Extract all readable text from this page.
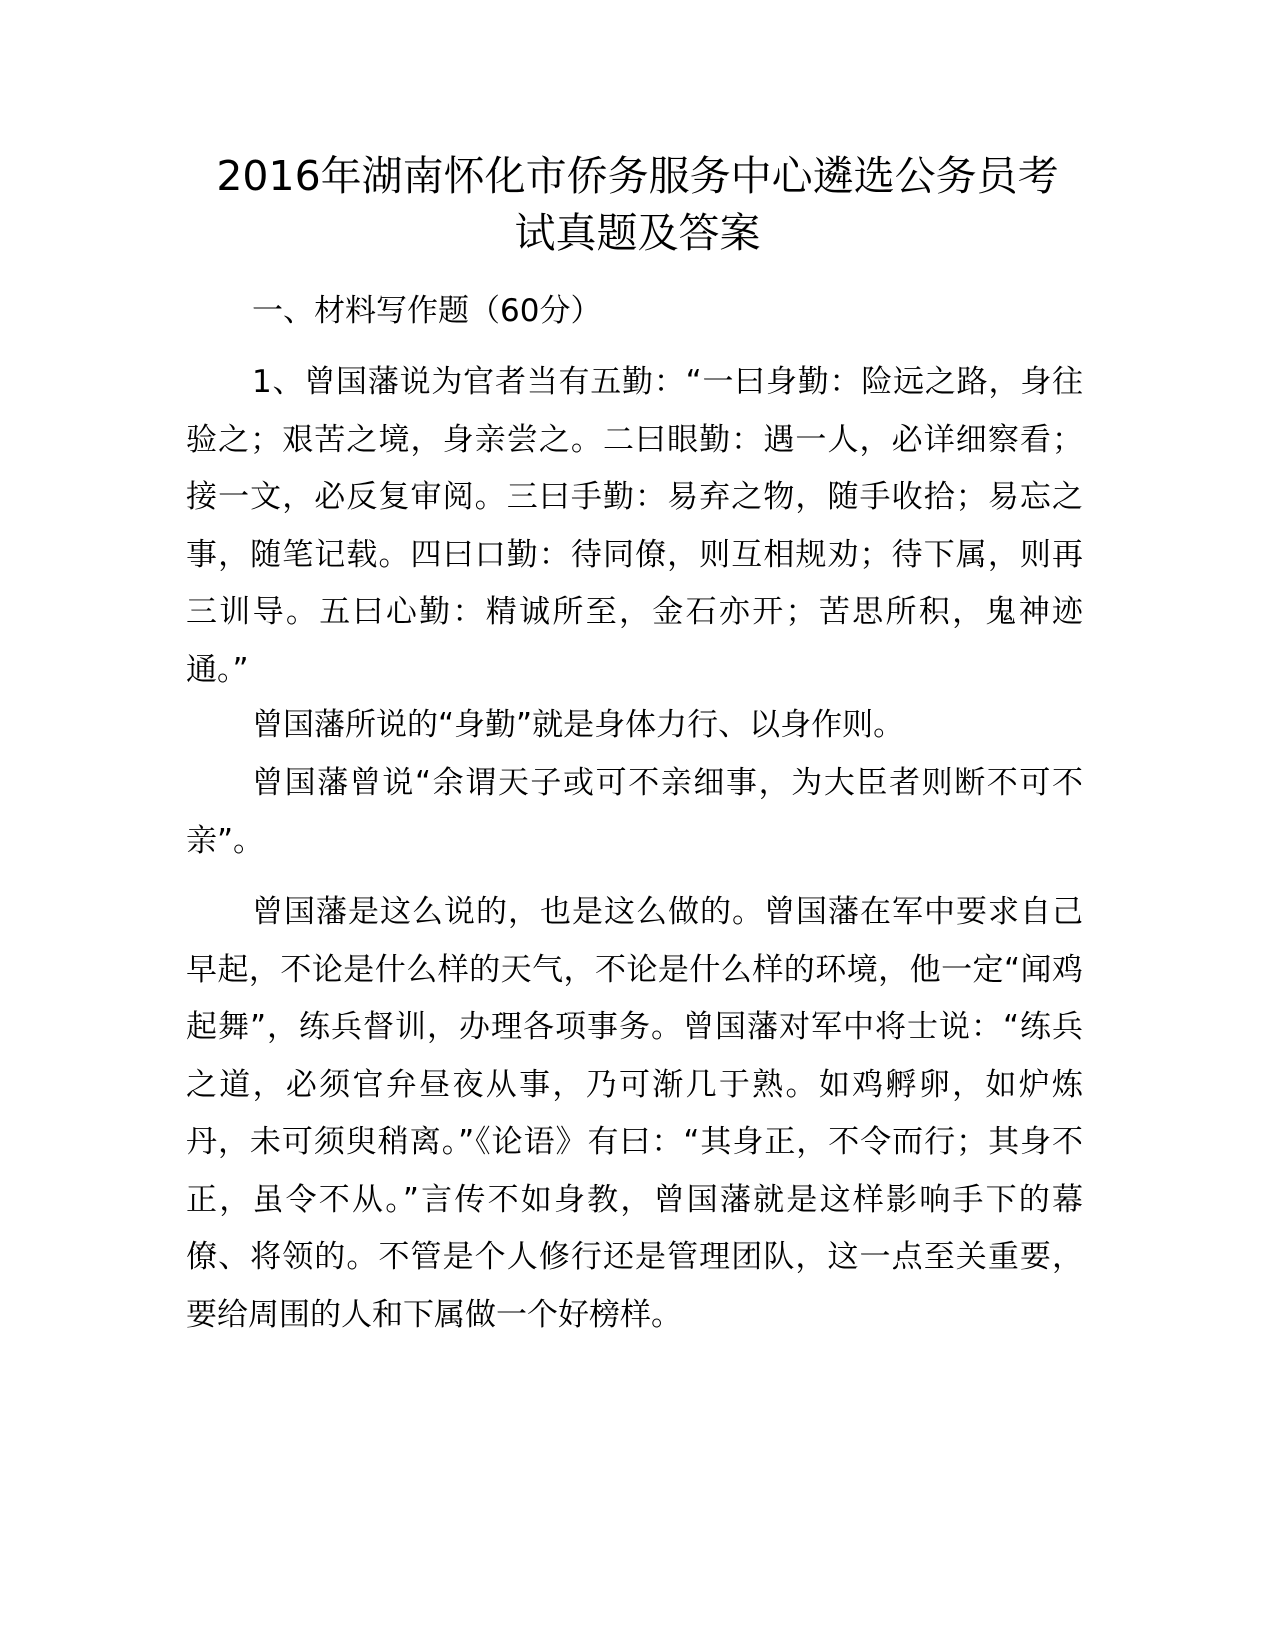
2016年湖南怀化市侨务服务中心遴选公务员考
试真题及答案

一、材料写作题（60分）

1、曾国藩说为官者当有五勤：“一曰身勤：险远之路，身往验之；艰苦之境，身亲尝之。二曰眼勤：遇一人，必详细察看；接一文，必反复审阅。三曰手勤：易弃之物，随手收拾；易忘之事，随笔记载。四曰口勤：待同僚，则互相规劝；待下属，则再三训导。五曰心勤：精诚所至，金石亦开；苦思所积，鬼神迹通。”

曾国藩所说的“身勤”就是身体力行、以身作则。

曾国藩曾说“余谓天子或可不亲细事，为大臣者则断不可不亲”。

曾国藩是这么说的，也是这么做的。曾国藩在军中要求自己早起，不论是什么样的天气，不论是什么样的环境，他一定“闻鸡起舞”，练兵督训，办理各项事务。曾国藩对军中将士说：“练兵之道，必须官弁昼夜从事，乃可渐几于熟。如鸡孵卵，如炉炼丹，未可须臾稍离。”《论语》有曰：“其身正，不令而行；其身不正，虽令不从。”言传不如身教，曾国藩就是这样影响手下的幕僚、将领的。不管是个人修行还是管理团队，这一点至关重要，要给周围的人和下属做一个好榜样。
